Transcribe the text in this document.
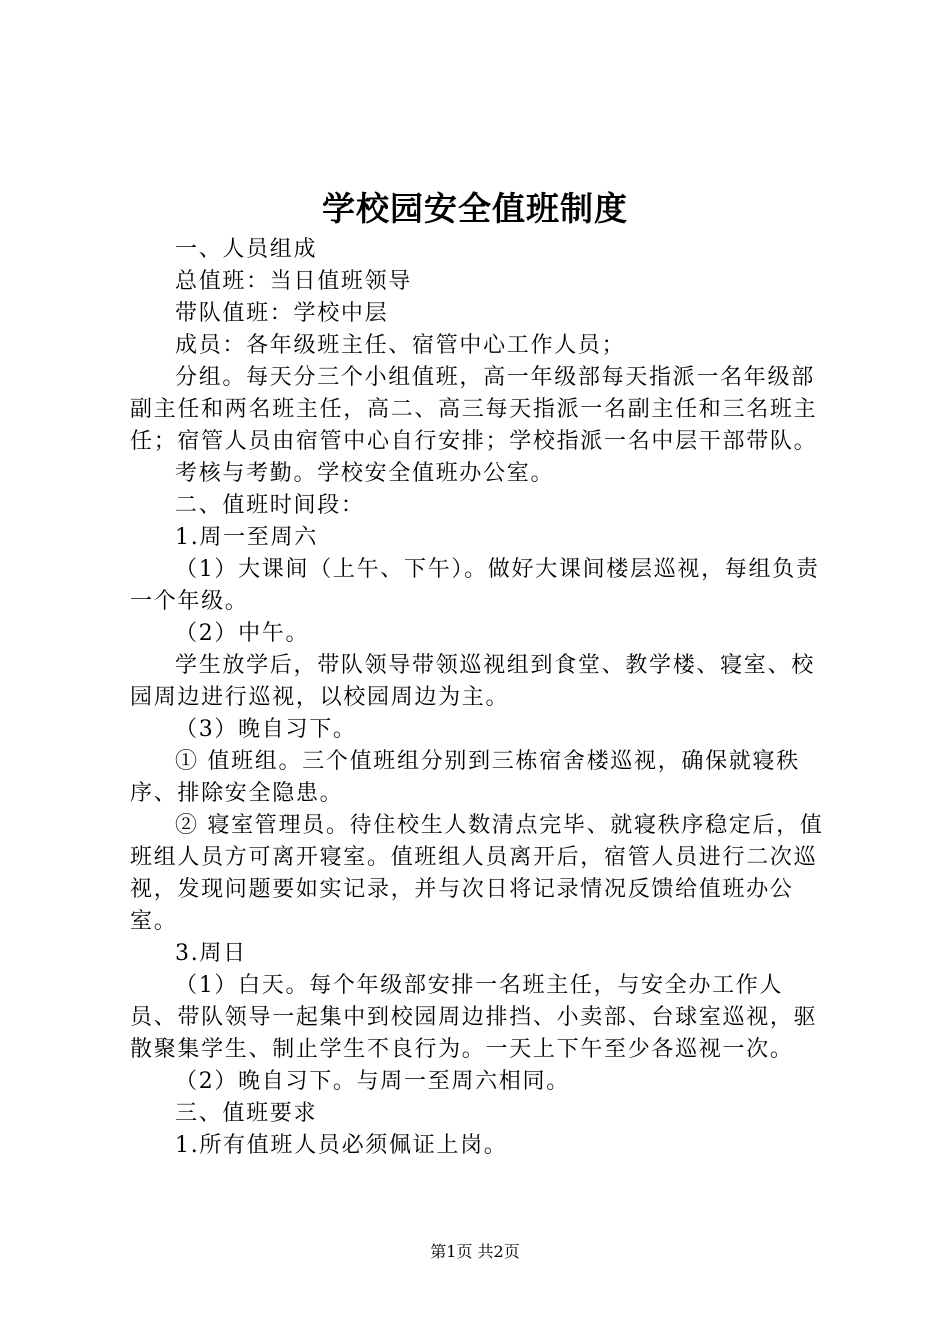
学校园安全值班制度

一、人员组成

总值班：当日值班领导

带队值班：学校中层

成员：各年级班主任、宿管中心工作人员；

分组。每天分三个小组值班，高一年级部每天指派一名年级部副主任和两名班主任，高二、高三每天指派一名副主任和三名班主任；宿管人员由宿管中心自行安排；学校指派一名中层干部带队。

考核与考勤。学校安全值班办公室。

二、值班时间段：

1.周一至周六

（1）大课间（上午、下午）。做好大课间楼层巡视，每组负责一个年级。

（2）中午。

学生放学后，带队领导带领巡视组到食堂、教学楼、寝室、校园周边进行巡视，以校园周边为主。

（3）晚自习下。

① 值班组。三个值班组分别到三栋宿舍楼巡视，确保就寝秩序、排除安全隐患。

② 寝室管理员。待住校生人数清点完毕、就寝秩序稳定后，值班组人员方可离开寝室。值班组人员离开后，宿管人员进行二次巡视，发现问题要如实记录，并与次日将记录情况反馈给值班办公室。

3.周日

（1）白天。每个年级部安排一名班主任，与安全办工作人员、带队领导一起集中到校园周边排挡、小卖部、台球室巡视，驱散聚集学生、制止学生不良行为。一天上下午至少各巡视一次。

（2）晚自习下。与周一至周六相同。

三、值班要求

1.所有值班人员必须佩证上岗。

第1页 共2页
